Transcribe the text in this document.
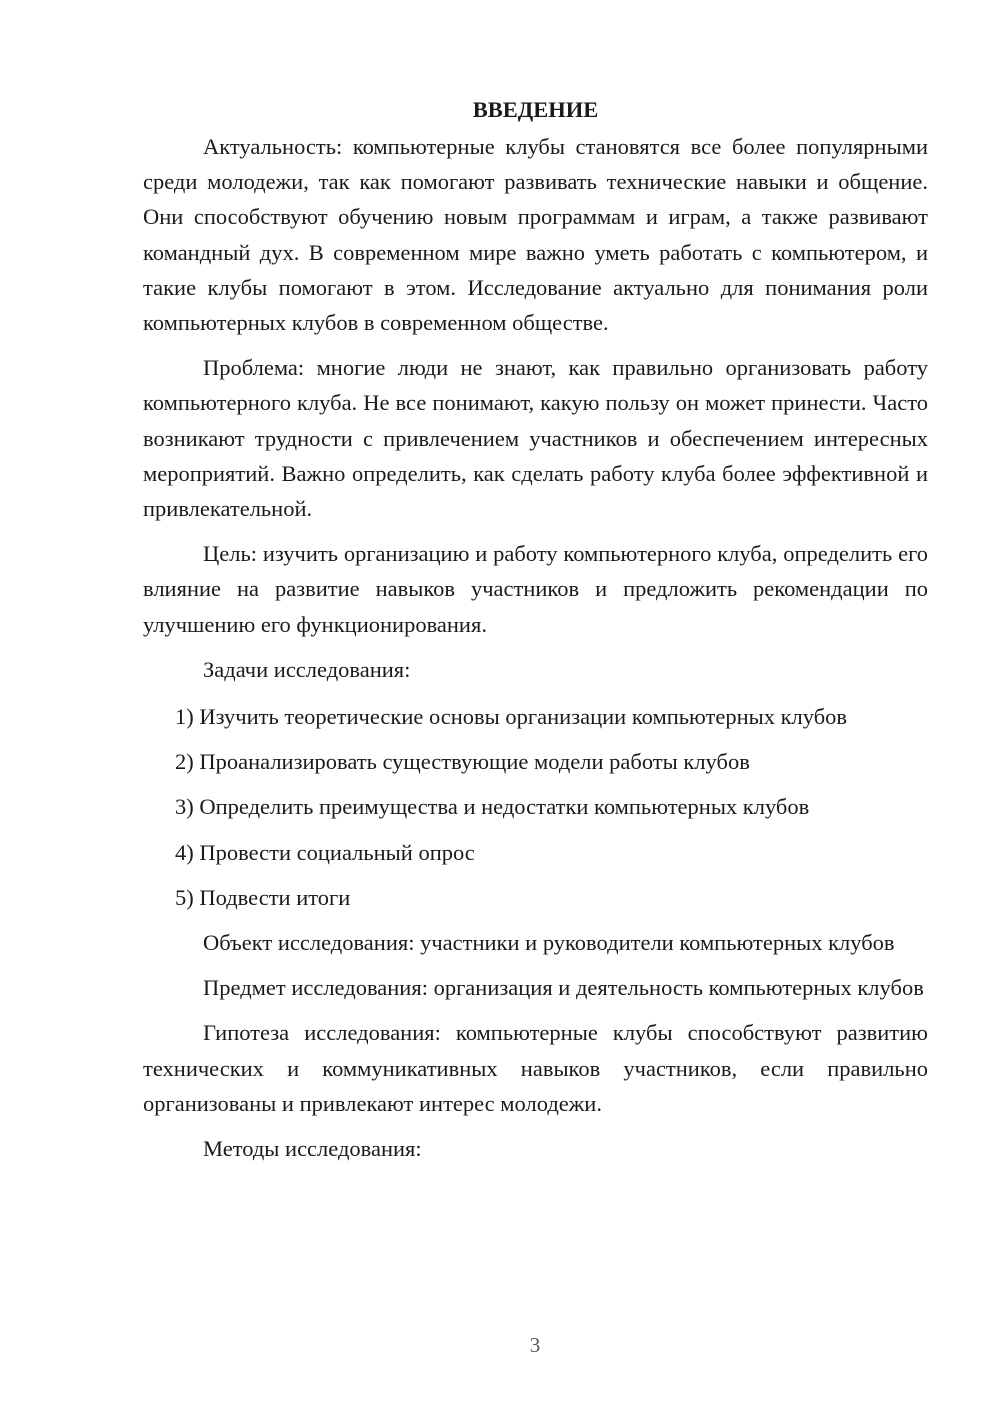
ВВЕДЕНИЕ

Актуальность: компьютерные клубы становятся все более популярными среди молодежи, так как помогают развивать технические навыки и общение. Они способствуют обучению новым программам и играм, а также развивают командный дух. В современном мире важно уметь работать с компьютером, и такие клубы помогают в этом. Исследование актуально для понимания роли компьютерных клубов в современном обществе.

Проблема: многие люди не знают, как правильно организовать работу компьютерного клуба. Не все понимают, какую пользу он может принести. Часто возникают трудности с привлечением участников и обеспечением интересных мероприятий. Важно определить, как сделать работу клуба более эффективной и привлекательной.

Цель: изучить организацию и работу компьютерного клуба, определить его влияние на развитие навыков участников и предложить рекомендации по улучшению его функционирования.

Задачи исследования:

1) Изучить теоретические основы организации компьютерных клубов
2) Проанализировать существующие модели работы клубов
3) Определить преимущества и недостатки компьютерных клубов
4) Провести социальный опрос
5) Подвести итоги

Объект исследования: участники и руководители компьютерных клубов

Предмет исследования: организация и деятельность компьютерных клубов

Гипотеза исследования: компьютерные клубы способствуют развитию технических и коммуникативных навыков участников, если правильно организованы и привлекают интерес молодежи.

Методы исследования:

3
